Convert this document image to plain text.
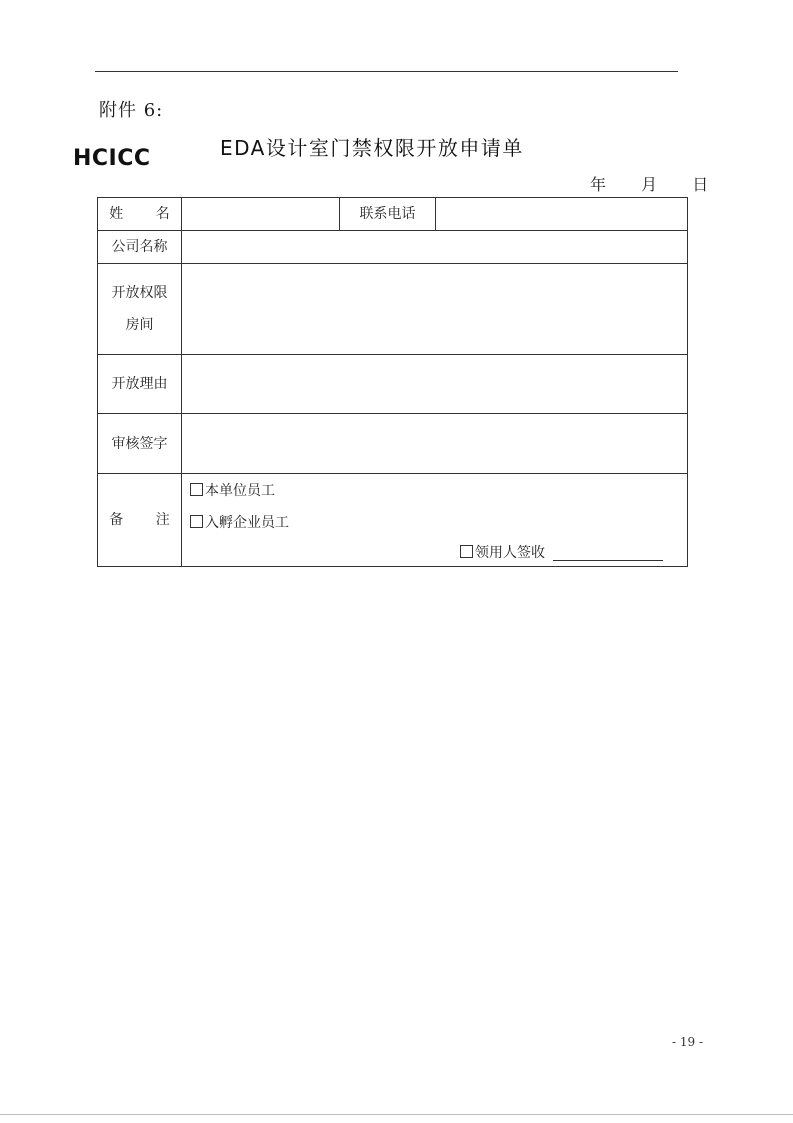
附件 6:
HCICC	EDA设计室门禁权限开放申请单
年 月 日
姓 名		联系电话	
公司名称			

开放权限
房间			

开放理由			
审核签字			
备 注	本单位员工
入孵企业员工
领用人签收		
- 19 -
